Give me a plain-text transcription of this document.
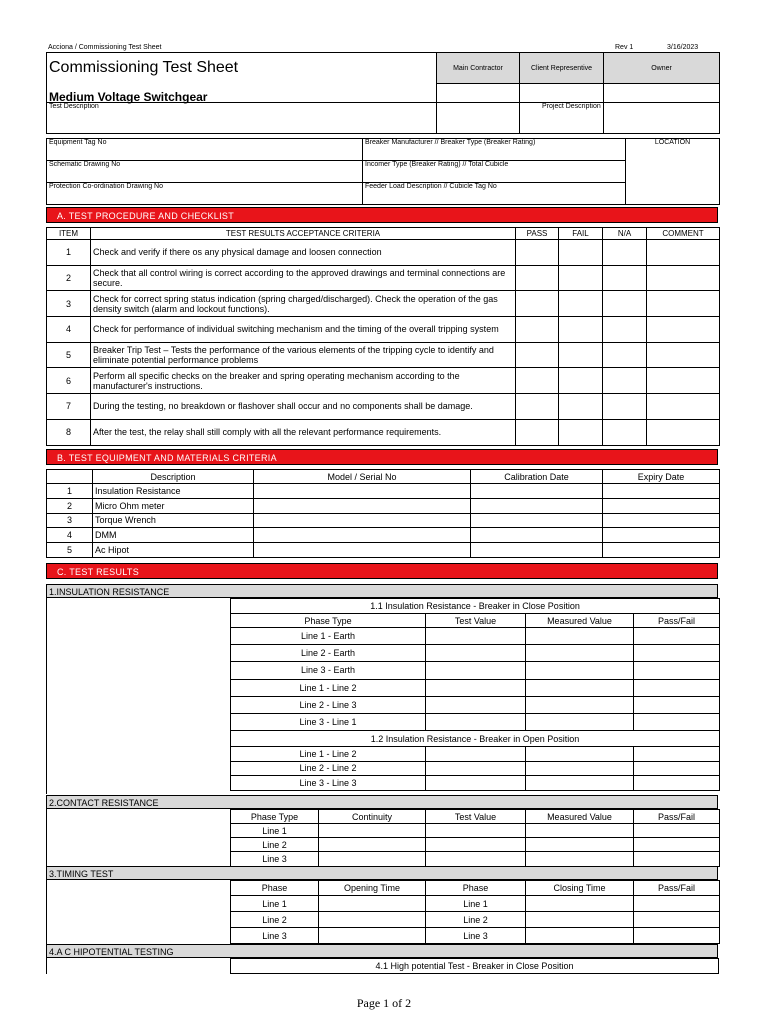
Acciona / Commissioning Test Sheet	Rev 1	3/16/2023
Commissioning Test Sheet	Main Contractor	Client Representive	Owner
Medium Voltage Switchgear			
Test Description	Project Description
Equipment Tag No	Breaker Manufacturer // Breaker Type (Breaker Rating)	LOCATION
Schematic Drawing No	Incomer Type (Breaker Rating) // Total Cubicle	
Protection Co-ordination Drawing No	Feeder Load Description // Cubicle Tag No	
A. TEST PROCEDURE AND CHECKLIST
ITEM	TEST RESULTS ACCEPTANCE CRITERIA	PASS	FAIL	N/A	COMMENT
1	Check and verify if there os any physical damage and loosen connection				
2	Check that all control wiring is correct according to the approved drawings and terminal connections are secure.				
3	Check for correct spring status indication (spring charged/discharged). Check the operation of the gas density switch (alarm and lockout functions).				
4	Check for performance of individual switching mechanism and the timing of the overall tripping system				
5	Breaker Trip Test – Tests the performance of the various elements of the tripping cycle to identify and eliminate potential performance problems				
6	Perform all specific checks on the breaker and spring operating mechanism according to the manufacturer's instructions.				
7	During the testing, no breakdown or flashover shall occur and no components shall be damage.				
8	After the test, the relay shall still comply with all the relevant performance requirements.				
B. TEST EQUIPMENT AND MATERIALS CRITERIA
	Description	Model / Serial No	Calibration Date	Expiry Date
1	Insulation Resistance			
2	Micro Ohm meter			
3	Torque Wrench			
4	DMM			
5	Ac Hipot			
C. TEST RESULTS
1.INSULATION RESISTANCE
1.1 Insulation Resistance - Breaker in Close Position			
Phase Type	Test Value	Measured Value	Pass/Fail
Line 1 - Earth			
Line 2 - Earth			
Line 3 - Earth			
Line 1 - Line 2			
Line 2 - Line 3			
Line 3 - Line 1			
1.2 Insulation Resistance - Breaker in Open Position			
Line 1 - Line 2			
Line 2 - Line 2			
Line 3 - Line 3			
2.CONTACT RESISTANCE
Phase Type	Continuity	Test Value	Measured Value	Pass/Fail
Line 1				
Line 2				
Line 3				
3.TIMING TEST
Phase	Opening Time	Phase	Closing Time	Pass/Fail
Line 1		Line 1		
Line 2		Line 2		
Line 3		Line 3		
4.A C HIPOTENTIAL TESTING
4.1 High potential Test - Breaker in Close Position
Page 1 of 2
